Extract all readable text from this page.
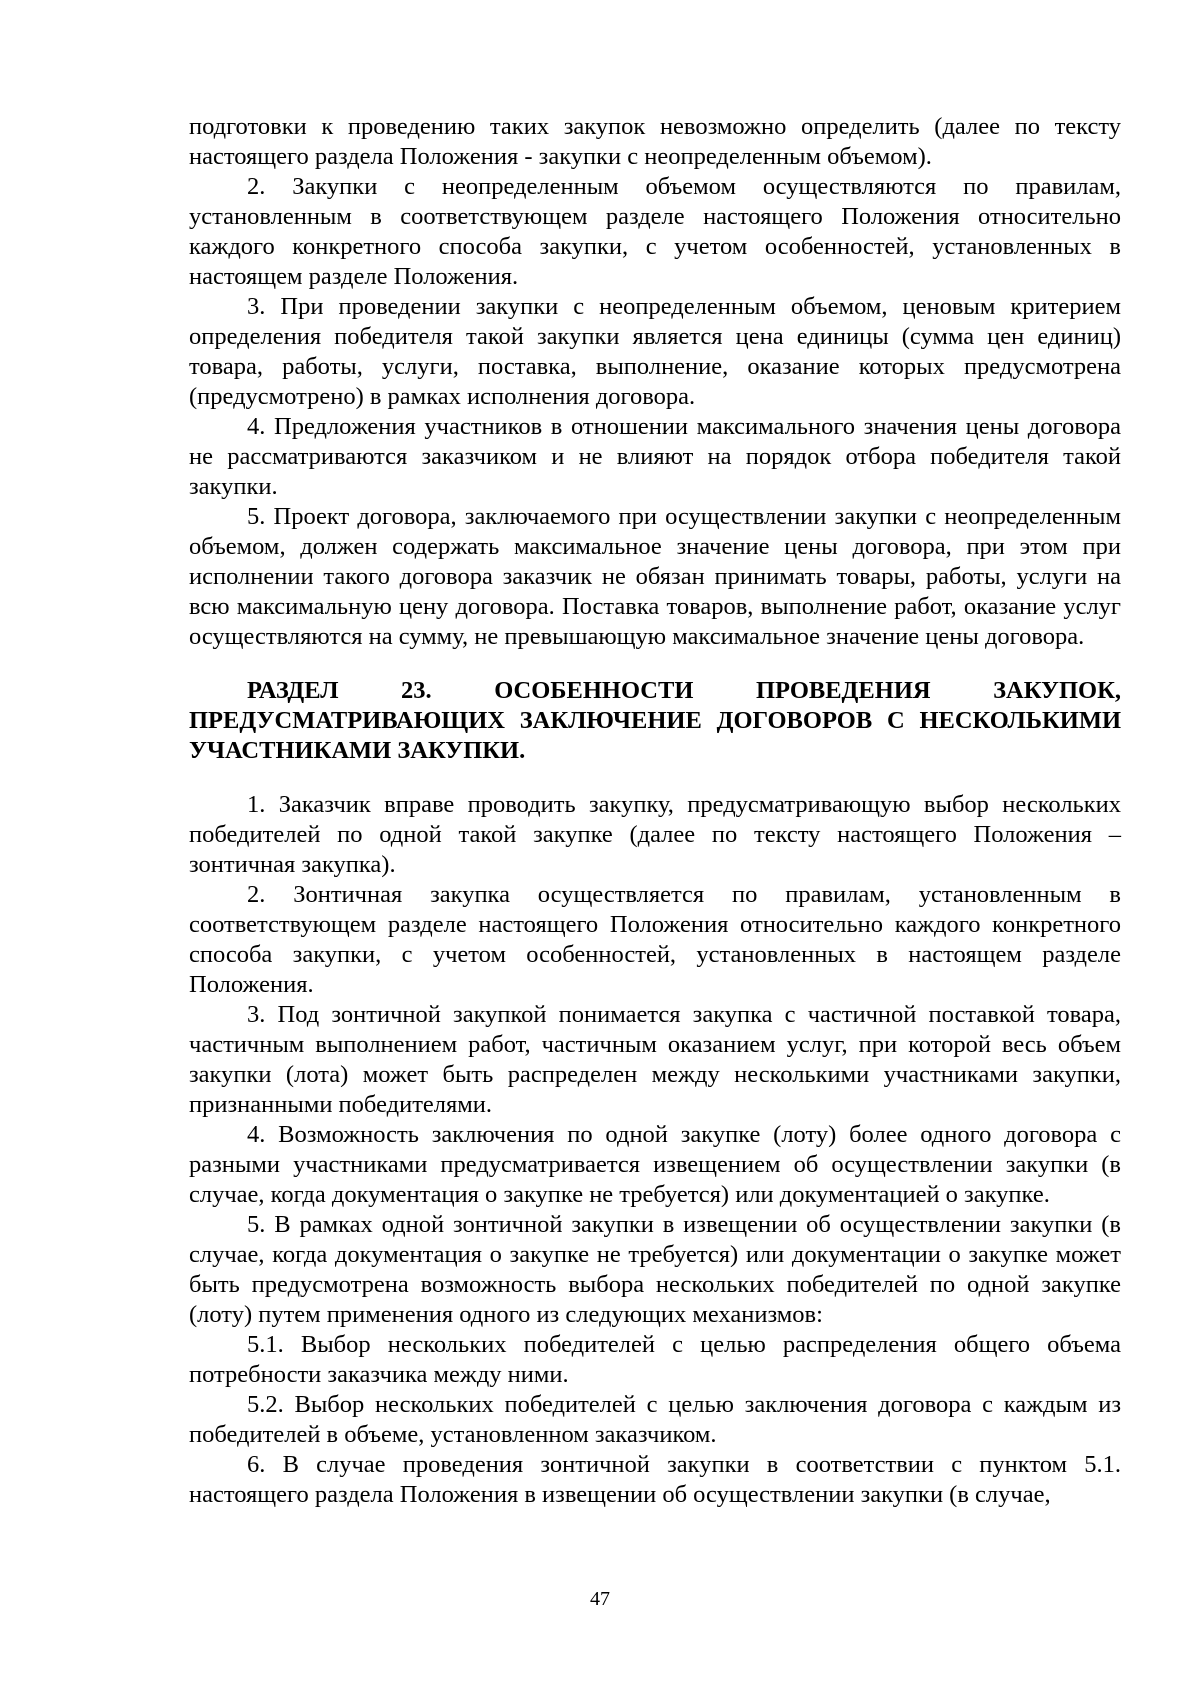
подготовки к проведению таких закупок невозможно определить (далее по тексту настоящего раздела Положения - закупки с неопределенным объемом).

2. Закупки с неопределенным объемом осуществляются по правилам, установленным в соответствующем разделе настоящего Положения относительно каждого конкретного способа закупки, с учетом особенностей, установленных в настоящем разделе Положения.

3. При проведении закупки с неопределенным объемом, ценовым критерием определения победителя такой закупки является цена единицы (сумма цен единиц) товара, работы, услуги, поставка, выполнение, оказание которых предусмотрена (предусмотрено) в рамках исполнения договора.

4. Предложения участников в отношении максимального значения цены договора не рассматриваются заказчиком и не влияют на порядок отбора победителя такой закупки.

5. Проект договора, заключаемого при осуществлении закупки с неопределенным объемом, должен содержать максимальное значение цены договора, при этом при исполнении такого договора заказчик не обязан принимать товары, работы, услуги на всю максимальную цену договора. Поставка товаров, выполнение работ, оказание услуг осуществляются на сумму, не превышающую максимальное значение цены договора.

РАЗДЕЛ 23. ОСОБЕННОСТИ ПРОВЕДЕНИЯ ЗАКУПОК, ПРЕДУСМАТРИВАЮЩИХ ЗАКЛЮЧЕНИЕ ДОГОВОРОВ С НЕСКОЛЬКИМИ УЧАСТНИКАМИ ЗАКУПКИ.

1. Заказчик вправе проводить закупку, предусматривающую выбор нескольких победителей по одной такой закупке (далее по тексту настоящего Положения – зонтичная закупка).

2. Зонтичная закупка осуществляется по правилам, установленным в соответствующем разделе настоящего Положения относительно каждого конкретного способа закупки, с учетом особенностей, установленных в настоящем разделе Положения.

3. Под зонтичной закупкой понимается закупка с частичной поставкой товара, частичным выполнением работ, частичным оказанием услуг, при которой весь объем закупки (лота) может быть распределен между несколькими участниками закупки, признанными победителями.

4. Возможность заключения по одной закупке (лоту) более одного договора с разными участниками предусматривается извещением об осуществлении закупки (в случае, когда документация о закупке не требуется) или документацией о закупке.

5. В рамках одной зонтичной закупки в извещении об осуществлении закупки (в случае, когда документация о закупке не требуется) или документации о закупке может быть предусмотрена возможность выбора нескольких победителей по одной закупке (лоту) путем применения одного из следующих механизмов:

5.1. Выбор нескольких победителей с целью распределения общего объема потребности заказчика между ними.

5.2. Выбор нескольких победителей с целью заключения договора с каждым из победителей в объеме, установленном заказчиком.

6. В случае проведения зонтичной закупки в соответствии с пунктом 5.1. настоящего раздела Положения в извещении об осуществлении закупки (в случае,

47
